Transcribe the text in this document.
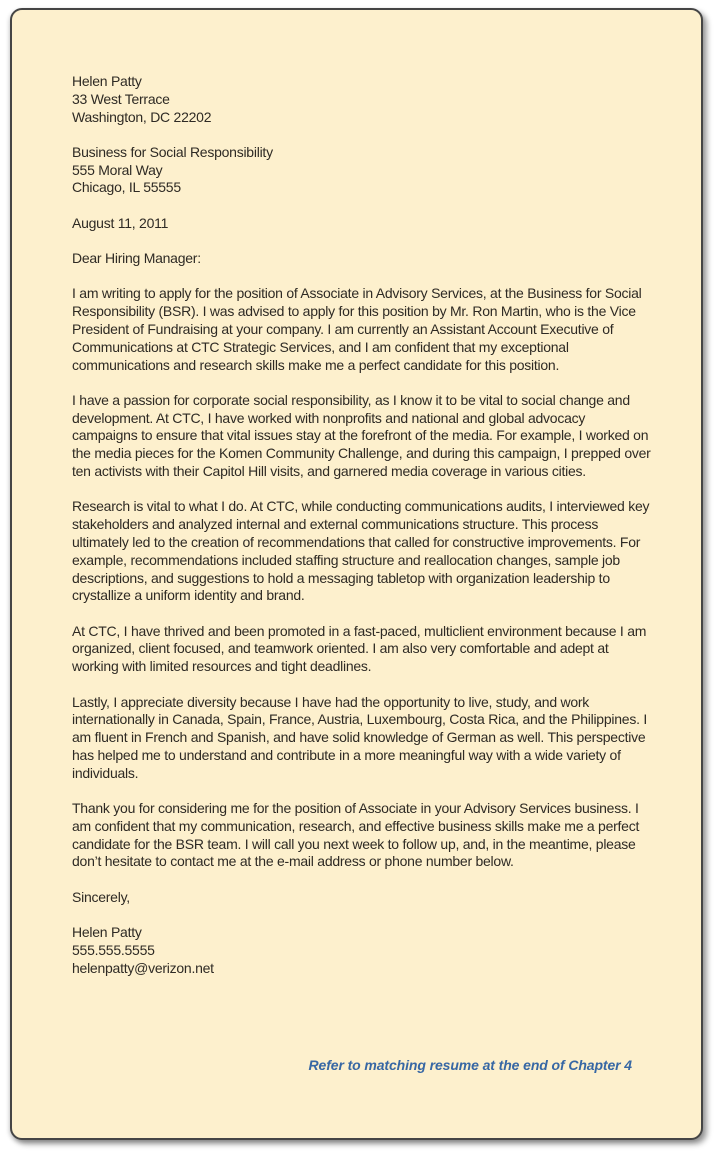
Helen Patty
33 West Terrace
Washington, DC 22202
Business for Social Responsibility
555 Moral Way
Chicago, IL 55555
August 11, 2011
Dear Hiring Manager:

I am writing to apply for the position of Associate in Advisory Services, at the Business for Social Responsibility (BSR). I was advised to apply for this position by Mr. Ron Martin, who is the Vice President of Fundraising at your company. I am currently an Assistant Account Executive of Communications at CTC Strategic Services, and I am confident that my exceptional communications and research skills make me a perfect candidate for this position.

I have a passion for corporate social responsibility, as I know it to be vital to social change and development. At CTC, I have worked with nonprofits and national and global advocacy campaigns to ensure that vital issues stay at the forefront of the media. For example, I worked on the media pieces for the Komen Community Challenge, and during this campaign, I prepped over ten activists with their Capitol Hill visits, and garnered media coverage in various cities.

Research is vital to what I do. At CTC, while conducting communications audits, I interviewed key stakeholders and analyzed internal and external communications structure. This process ultimately led to the creation of recommendations that called for constructive improvements. For example, recommendations included staffing structure and reallocation changes, sample job descriptions, and suggestions to hold a messaging tabletop with organization leadership to crystallize a uniform identity and brand.

At CTC, I have thrived and been promoted in a fast-paced, multiclient environment because I am organized, client focused, and teamwork oriented. I am also very comfortable and adept at working with limited resources and tight deadlines.

Lastly, I appreciate diversity because I have had the opportunity to live, study, and work internationally in Canada, Spain, France, Austria, Luxembourg, Costa Rica, and the Philippines. I am fluent in French and Spanish, and have solid knowledge of German as well. This perspective has helped me to understand and contribute in a more meaningful way with a wide variety of individuals.

Thank you for considering me for the position of Associate in your Advisory Services business. I am confident that my communication, research, and effective business skills make me a perfect candidate for the BSR team. I will call you next week to follow up, and, in the meantime, please don’t hesitate to contact me at the e-mail address or phone number below.

Sincerely,
Helen Patty
555.555.5555
helenpatty@verizon.net
Refer to matching resume at the end of Chapter 4
